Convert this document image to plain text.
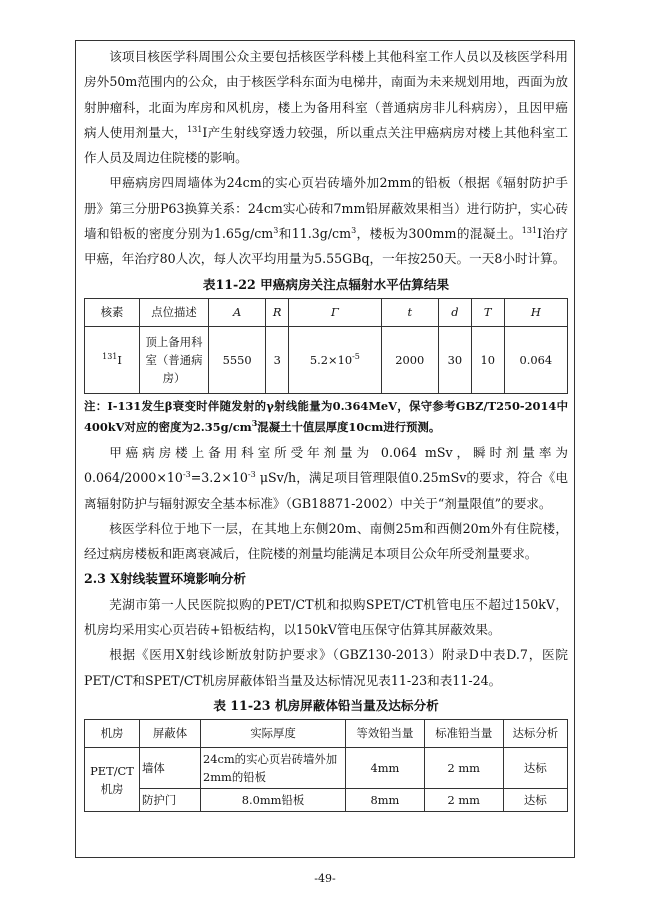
该项目核医学科周围公众主要包括核医学科楼上其他科室工作人员以及核医学科用房外50m范围内的公众，由于核医学科东面为电梯井，南面为未来规划用地，西面为放射肿瘤科，北面为库房和风机房，楼上为备用科室（普通病房非儿科病房），且因甲癌病人使用剂量大，$^{131}$I产生射线穿透力较强，所以重点关注甲癌病房对楼上其他科室工作人员及周边住院楼的影响。

甲癌病房四周墙体为24cm的实心页岩砖墙外加2mm的铅板（根据《辐射防护手册》第三分册P63换算关系：24cm实心砖和7mm铅屏蔽效果相当）进行防护，实心砖墙和铅板的密度分别为$1.65g/cm^3$和$11.3g/cm^3$，楼板为300mm的混凝土。$^{131}$I治疗甲癌，年治疗80人次，每人次平均用量为5.55GBq，一年按250天。一天8小时计算。

表11-22 甲癌病房关注点辐射水平估算结果
核素	点位描述	A	R	Γ	t	d	T	H
$^{131}$I	顶上备用科室（普通病房）	5550	3	$5.2\times 10^{-5}$	2000	30	10	0.064

注：I-131发生β衰变时伴随发射的γ射线能量为0.364MeV，保守参考GBZ/T250-2014中400kV对应的密度为$2.35g/cm^3$混凝土十值层厚度10cm进行预测。

甲癌病房楼上备用科室所受年剂量为 0.064 mSv，瞬时剂量率为 $0.064/2000\times 10^{-3}=3.2\times 10^{-3}$ μSv/h，满足项目管理限值0.25mSv的要求，符合《电离辐射防护与辐射源安全基本标准》（GB18871-2002）中关于“剂量限值”的要求。

核医学科位于地下一层，在其地上东侧20m、南侧25m和西侧20m外有住院楼，经过病房楼板和距离衰减后，住院楼的剂量均能满足本项目公众年所受剂量要求。

2.3 X射线装置环境影响分析

芜湖市第一人民医院拟购的PET/CT机和拟购SPET/CT机管电压不超过150kV，机房均采用实心页岩砖+铅板结构，以150kV管电压保守估算其屏蔽效果。

根据《医用X射线诊断放射防护要求》（GBZ130-2013）附录D中表D.7，医院PET/CT和SPET/CT机房屏蔽体铅当量及达标情况见表11-23和表11-24。

表 11-23 机房屏蔽体铅当量及达标分析
机房	屏蔽体	实际厚度	等效铅当量	标准铅当量	达标分析
PET/CT机房	墙体	24cm的实心页岩砖墙外加2mm的铅板	4mm	2 mm	达标
	防护门	8.0mm铅板	8mm	2 mm	达标
-49-
